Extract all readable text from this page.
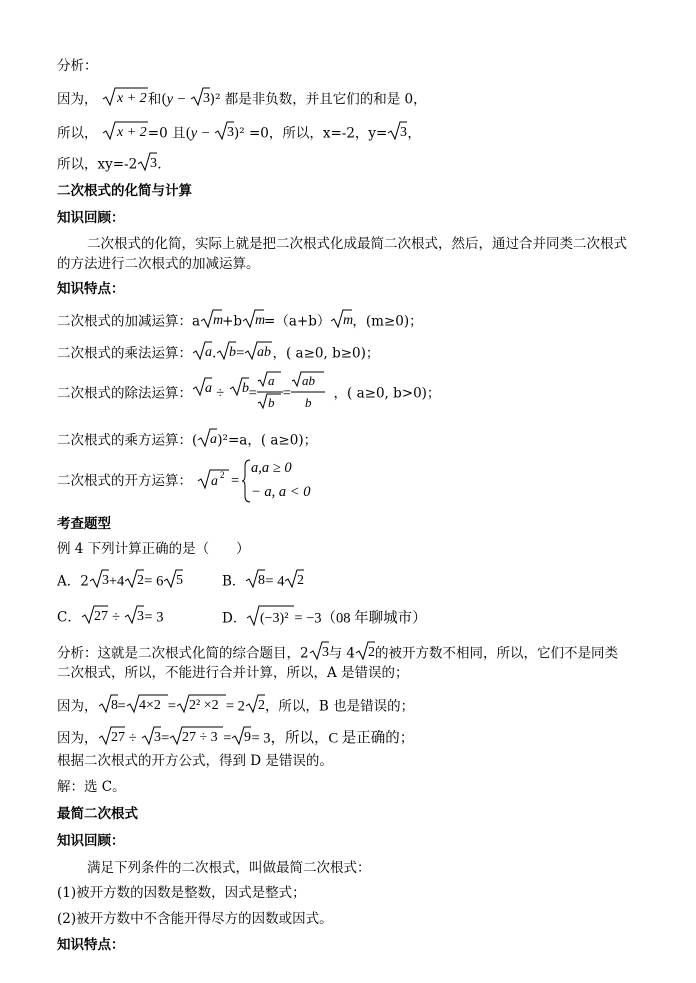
分析：
因为， x + 2 和(y − 3 )² 都是非负数，并且它们的和是 0，
所以， x + 2 =0 且(y − 3 )² =0，所以，x=-2，y= 3 ，
所以，xy=-2 3 .
二次根式的化简与计算
知识回顾：
二次根式的化简，实际上就是把二次根式化成最简二次根式，然后，通过合并同类二次根式
的方法进行二次根式的加减运算。
知识特点：
二次根式的加减运算：a m
+b m
=（a+b） m
，(m≥0)；
二次根式的乘法运算： a . b = ab ，( a≥0, b≥0)；
二次根式的除法运算： a ÷ b =
a
b
=
ab
b
，( a≥0, b>0)；
二次根式的乘方运算：( a )²=a，( a≥0)；
二次根式的开方运算： a 2 =
a,a ≥ 0
− a, a < 0
考查题型
例 4 下列计算正确的是（　　）
A．2 3 +4 2 = 6 5	B． 8 = 4 2
C． 27 ÷ 3 = 3	D． (−3)² = −3（08 年聊城市）
分析：这就是二次根式化简的综合题目，2 3 与 4 2 的被开方数不相同，所以，它们不是同类
二次根式，所以，不能进行合并计算，所以，A 是错误的；
因为， 8 = 4×2 = 2² ×2 = 2 2 ，所以，B 也是错误的；
因为， 27 ÷ 3 = 27 ÷ 3 = 9 = 3，所以，C 是正确的；
根据二次根式的开方公式，得到 D 是错误的。
解：选 C。
最简二次根式
知识回顾：
满足下列条件的二次根式，叫做最简二次根式：
(1)被开方数的因数是整数，因式是整式；
(2)被开方数中不含能开得尽方的因数或因式。
知识特点：
